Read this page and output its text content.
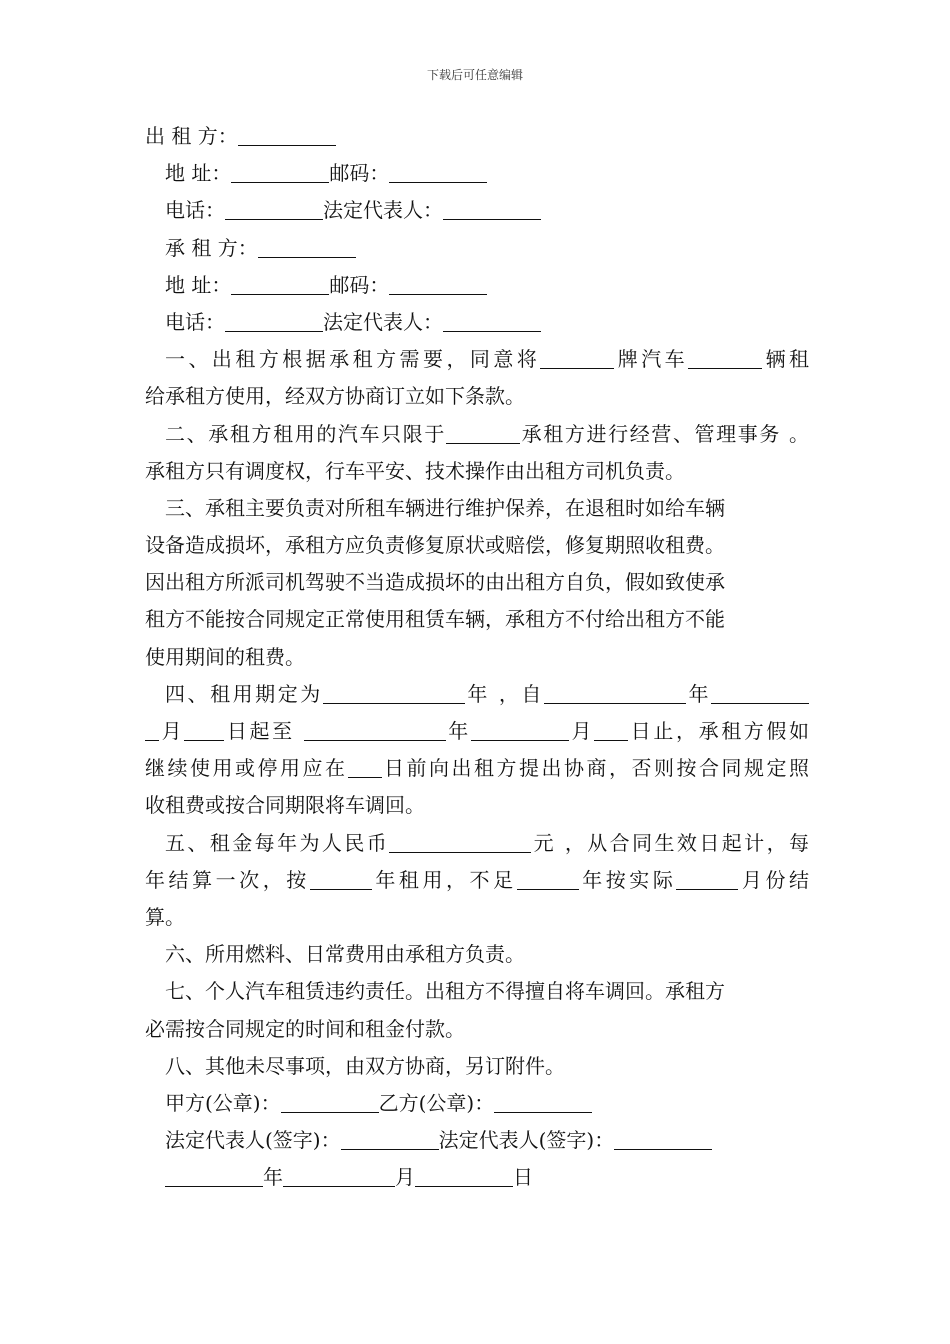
下载后可任意编辑
出 租 方：
地 址：	邮码：
电话：	法定代表人：
承 租 方：
地 址：	邮码：
电话：	法定代表人：
一、出租方根据承租方需要，同意将	牌汽车	辆租
给承租方使用，经双方协商订立如下条款。
二、承租方租用的汽车只限于	承租方进行经营、管理事务 。
承租方只有调度权，行车平安、技术操作由出租方司机负责。
三、承租主要负责对所租车辆进行维护保养，在退租时如给车辆
设备造成损坏，承租方应负责修复原状或赔偿，修复期照收租费。
因出租方所派司机驾驶不当造成损坏的由出租方自负，假如致使承
租方不能按合同规定正常使用租赁车辆，承租方不付给出租方不能
使用期间的租费。
四、租用期定为	年 ，自	年
月 日起至	年	月 日止，承租方假如
继续使用或停用应在 日前向出租方提出协商，否则按合同规定照
收租费或按合同期限将车调回。
五、租金每年为人民币	元 ，从合同生效日起计，每
年结算一次，按	年租用，不足	年按实际	月份结
算。
六、所用燃料、日常费用由承租方负责。
七、个人汽车租赁违约责任。出租方不得擅自将车调回。承租方
必需按合同规定的时间和租金付款。
八、其他未尽事项，由双方协商，另订附件。
甲方(公章)：	乙方(公章)：
法定代表人(签字)：	法定代表人(签字)：
年	月	日
